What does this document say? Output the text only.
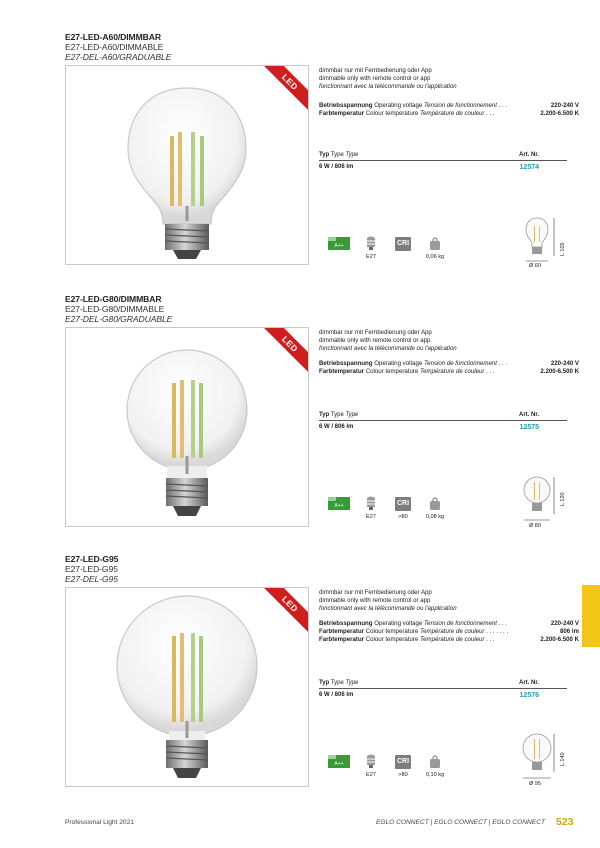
E27-LED-A60/DIMMBAR
E27-LED-A60/DIMMABLE
E27-DEL-A60/GRADUABLE
LED
dimmbar nur mit Fernbedienung oder App
dimmable only with remote control or app
fonctionnant avec la télécommande ou l'application
Betriebsspannung Operating voltage Tension de fonctionnement . . .	220-240 V
Farbtemperatur Colour temperature Température de couleur . . .	2.200-6.500 K
Typ Type Type	Art. Nr.
6 W / 806 lm	12574
A++
E27
CRI
0,06 kg
L 105
Ø 60
E27-LED-G80/DIMMBAR
E27-LED-G80/DIMMABLE
E27-DEL-G80/GRADUABLE
LED
dimmbar nur mit Fernbedienung oder App
dimmable only with remote control or app
fonctionnant avec la télécommande ou l'application
Betriebsspannung Operating voltage Tension de fonctionnement . . .	220-240 V
Farbtemperatur Colour temperature Température de couleur . . .	2.200-6.500 K
Typ Type Type	Art. Nr.
6 W / 806 lm	12575
A++
E27
CRI
>80	0,08 kg
L 120
Ø 80
E27-LED-G95
E27-LED-G95
E27-DEL-G95
LED
dimmbar nur mit Fernbedienung oder App
dimmable only with remote control or app
fonctionnant avec la télécommande ou l'application
Betriebsspannung Operating voltage Tension de fonctionnement . . .	220-240 V
Farbtemperatur Colour temperature Température de couleur . . . . . . .	806 lm
Farbtemperatur Colour temperature Température de couleur . . .	2.200-6.500 K
Typ Type Type	Art. Nr.
6 W / 806 lm	12576
A++
E27
CRI
>80	0,10 kg
L 140
Ø 95
Professional Light 2021	EGLO CONNECT | EGLO CONNECT | EGLO CONNECT 523
